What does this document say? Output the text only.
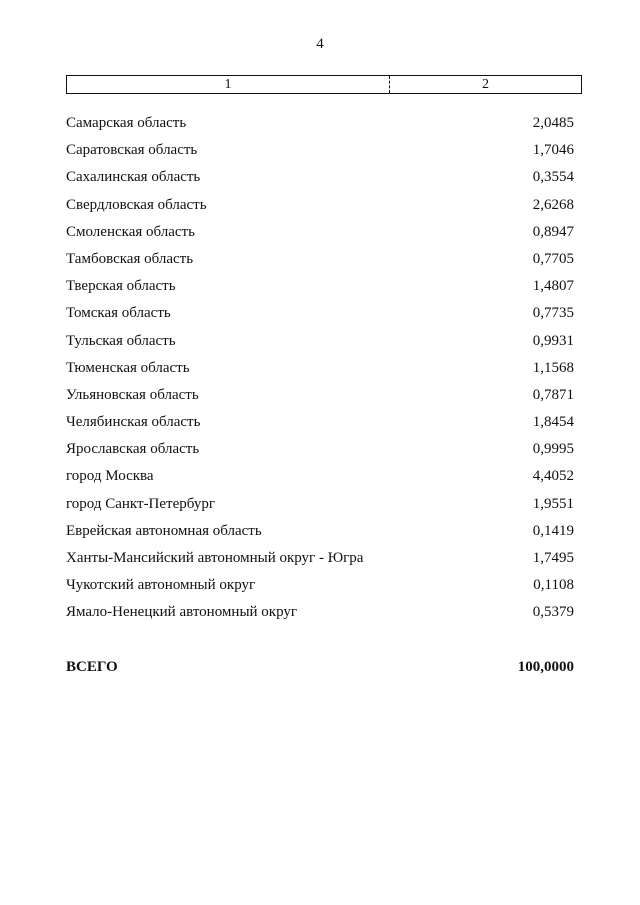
4
1	2
Самарская область	2,0485
Саратовская область	1,7046
Сахалинская область	0,3554
Свердловская область	2,6268
Смоленская область	0,8947
Тамбовская область	0,7705
Тверская область	1,4807
Томская область	0,7735
Тульская область	0,9931
Тюменская область	1,1568
Ульяновская область	0,7871
Челябинская область	1,8454
Ярославская область	0,9995
город Москва	4,4052
город Санкт-Петербург	1,9551
Еврейская автономная область	0,1419
Ханты-Мансийский автономный округ - Югра	1,7495
Чукотский автономный округ	0,1108
Ямало-Ненецкий автономный округ	0,5379
ВСЕГО	100,0000
